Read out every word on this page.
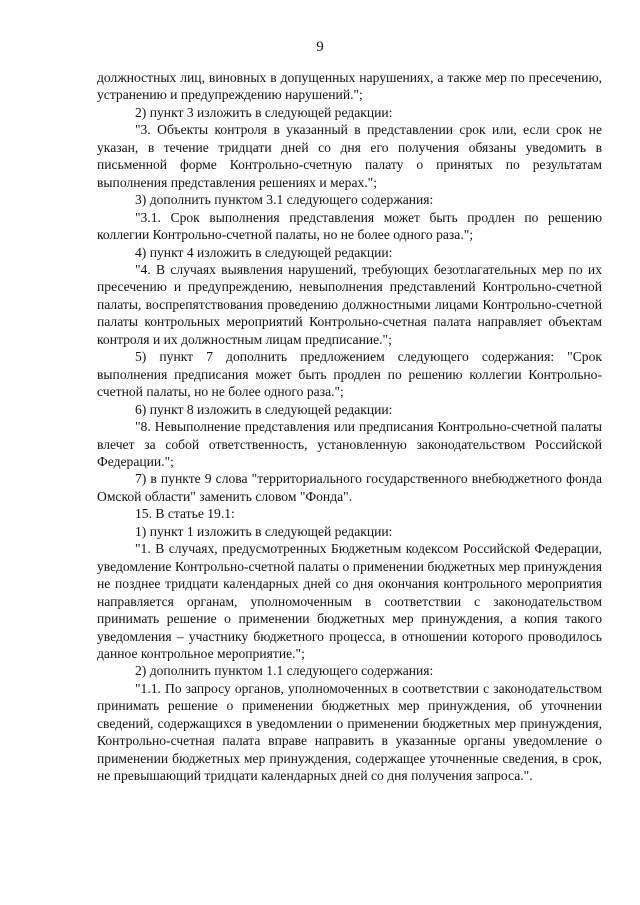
9

должностных лиц, виновных в допущенных нарушениях, а также мер по пресечению, устранению и предупреждению нарушений.";

2) пункт 3 изложить в следующей редакции:

"3. Объекты контроля в указанный в представлении срок или, если срок не указан, в течение тридцати дней со дня его получения обязаны уведомить в письменной форме Контрольно-счетную палату о принятых по результатам выполнения представления решениях и мерах.";

3) дополнить пунктом 3.1 следующего содержания:

"3.1. Срок выполнения представления может быть продлен по решению коллегии Контрольно-счетной палаты, но не более одного раза.";

4) пункт 4 изложить в следующей редакции:

"4. В случаях выявления нарушений, требующих безотлагательных мер по их пресечению и предупреждению, невыполнения представлений Контрольно-счетной палаты, воспрепятствования проведению должностными лицами Контрольно-счетной палаты контрольных мероприятий Контрольно-счетная палата направляет объектам контроля и их должностным лицам предписание.";

5) пункт 7 дополнить предложением следующего содержания: "Срок выполнения предписания может быть продлен по решению коллегии Контрольно-счетной палаты, но не более одного раза.";

6) пункт 8 изложить в следующей редакции:

"8. Невыполнение представления или предписания Контрольно-счетной палаты влечет за собой ответственность, установленную законодательством Российской Федерации.";

7) в пункте 9 слова "территориального государственного внебюджетного фонда Омской области" заменить словом "Фонда".

15. В статье 19.1:

1) пункт 1 изложить в следующей редакции:

"1. В случаях, предусмотренных Бюджетным кодексом Российской Федерации, уведомление Контрольно-счетной палаты о применении бюджетных мер принуждения не позднее тридцати календарных дней со дня окончания контрольного мероприятия направляется органам, уполномоченным в соответствии с законодательством принимать решение о применении бюджетных мер принуждения, а копия такого уведомления – участнику бюджетного процесса, в отношении которого проводилось данное контрольное мероприятие.";

2) дополнить пунктом 1.1 следующего содержания:

"1.1. По запросу органов, уполномоченных в соответствии с законодательством принимать решение о применении бюджетных мер принуждения, об уточнении сведений, содержащихся в уведомлении о применении бюджетных мер принуждения, Контрольно-счетная палата вправе направить в указанные органы уведомление о применении бюджетных мер принуждения, содержащее уточненные сведения, в срок, не превышающий тридцати календарных дней со дня получения запроса.".
